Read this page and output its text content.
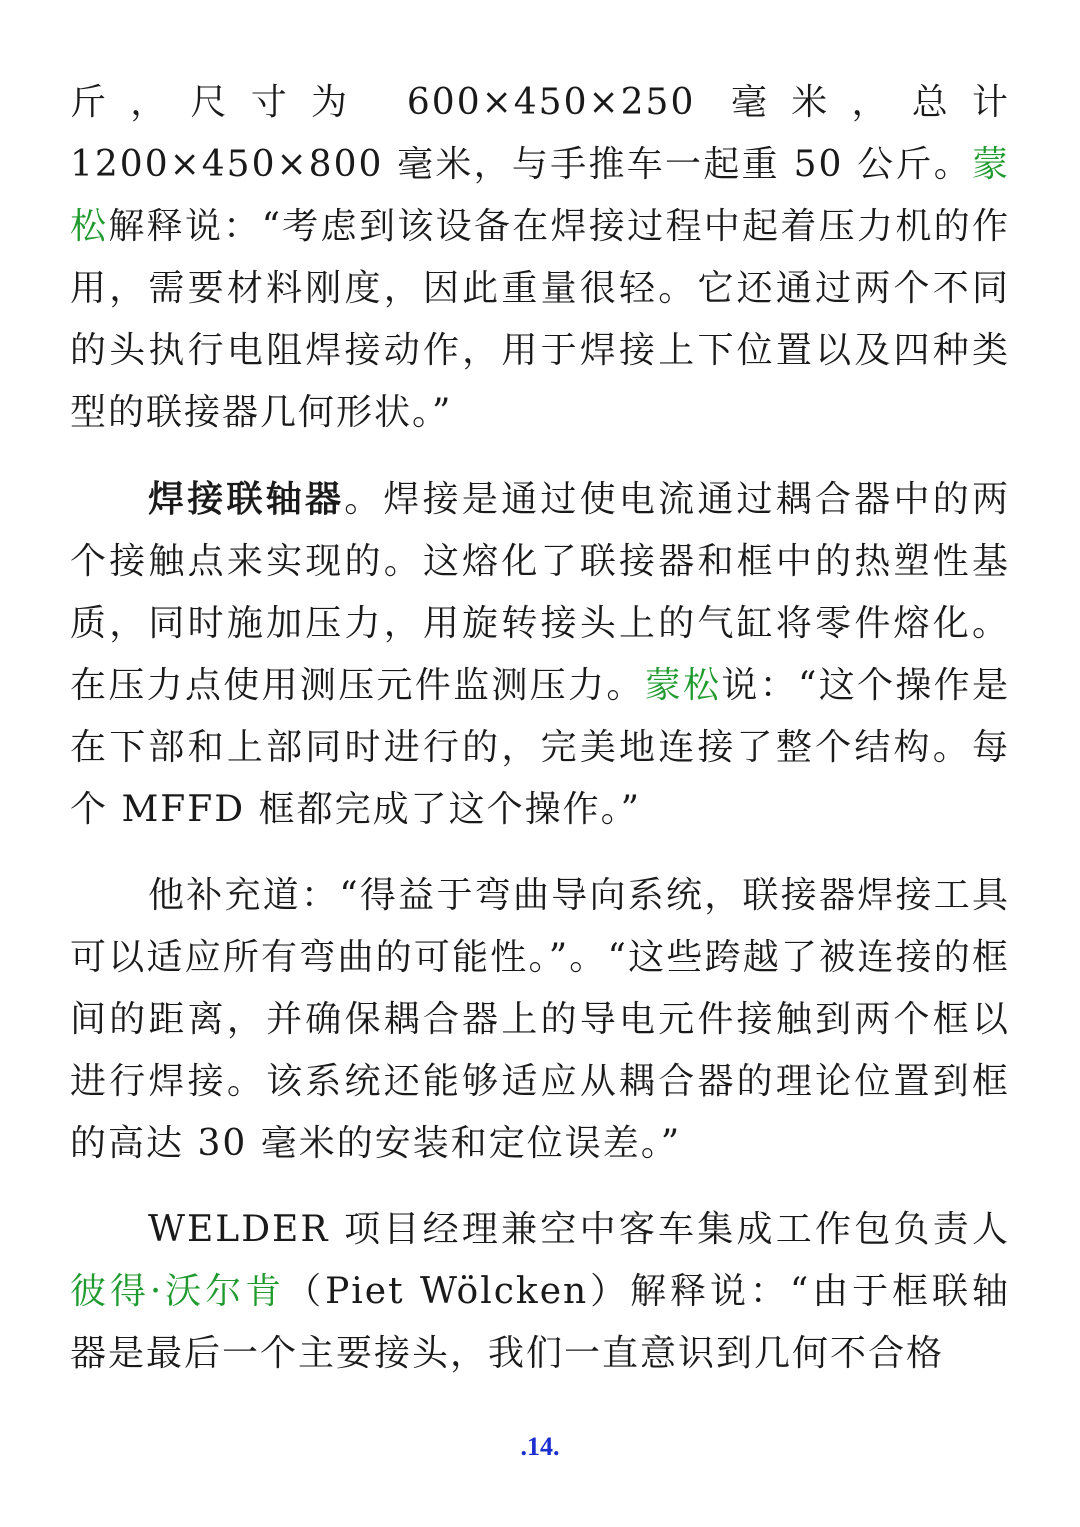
斤，尺寸为 600×450×250 毫米，总计 1200×450×800 毫米，与手推车一起重 50 公斤。蒙松解释说：“考虑到该设备在焊接过程中起着压力机的作用，需要材料刚度，因此重量很轻。它还通过两个不同的头执行电阻焊接动作，用于焊接上下位置以及四种类型的联接器几何形状。”

焊接联轴器。焊接是通过使电流通过耦合器中的两个接触点来实现的。这熔化了联接器和框中的热塑性基质，同时施加压力，用旋转接头上的气缸将零件熔化。在压力点使用测压元件监测压力。蒙松说：“这个操作是在下部和上部同时进行的，完美地连接了整个结构。每个 MFFD 框都完成了这个操作。”

他补充道：“得益于弯曲导向系统，联接器焊接工具可以适应所有弯曲的可能性。”。“这些跨越了被连接的框间的距离，并确保耦合器上的导电元件接触到两个框以进行焊接。该系统还能够适应从耦合器的理论位置到框的高达 30 毫米的安装和定位误差。”

WELDER 项目经理兼空中客车集成工作包负责人彼得·沃尔肯（Piet Wölcken）解释说：“由于框联轴器是最后一个主要接头，我们一直意识到几何不合格

.14.
